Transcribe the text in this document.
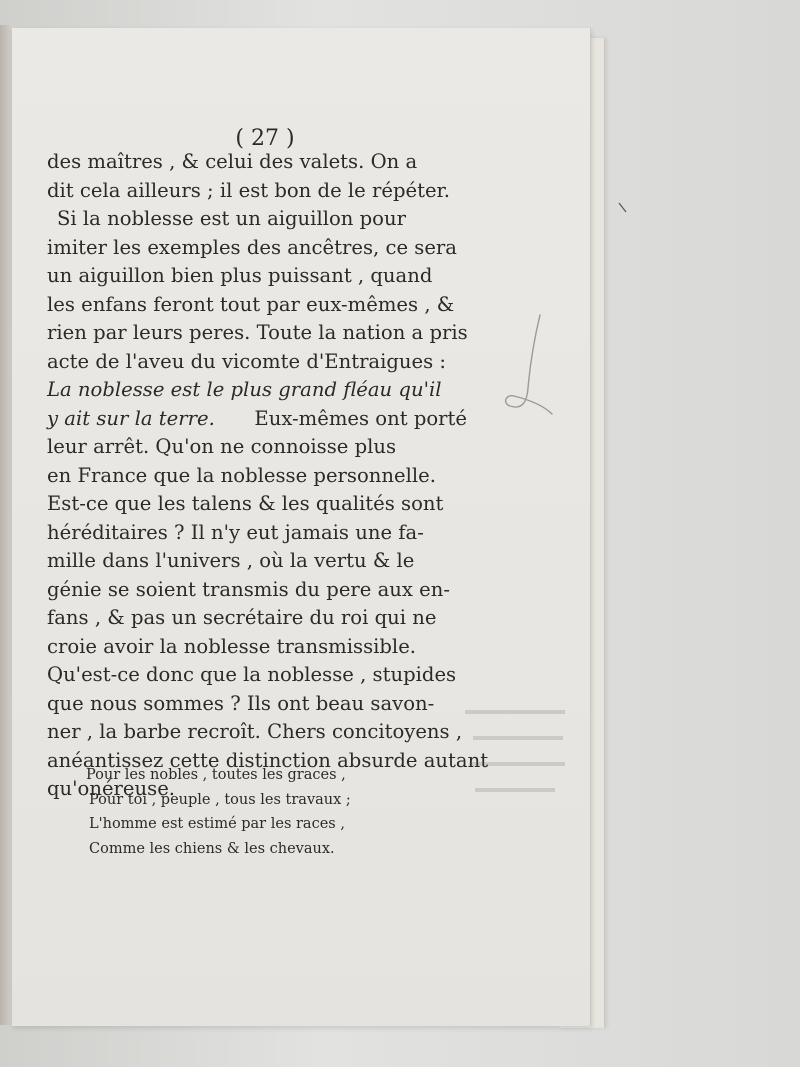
( 27 )
des maîtres , & celui des valets. On a
dit cela ailleurs ; il est bon de le répéter.
Si la noblesse est un aiguillon pour
imiter les exemples des ancêtres, ce sera
un aiguillon bien plus puissant , quand
les enfans feront tout par eux-mêmes , &
rien par leurs peres. Toute la nation a pris
acte de l'aveu du vicomte d'Entraigues :
La noblesse est le plus grand fléau qu'il
y ait sur la terre. Eux-mêmes ont porté
leur arrêt. Qu'on ne connoisse plus
en France que la noblesse personnelle.
Est-ce que les talens & les qualités sont
héréditaires ? Il n'y eut jamais une fa-
mille dans l'univers , où la vertu & le
génie se soient transmis du pere aux en-
fans , & pas un secrétaire du roi qui ne
croie avoir la noblesse transmissible.
Qu'est-ce donc que la noblesse , stupides
que nous sommes ? Ils ont beau savon-
ner , la barbe recroît. Chers concitoyens ,
anéantissez cette distinction absurde autant
qu'onéreuse.
Pour les nobles , toutes les graces ,
Pour toi , peuple , tous les travaux ;
L'homme est estimé par les races ,
Comme les chiens & les chevaux.
